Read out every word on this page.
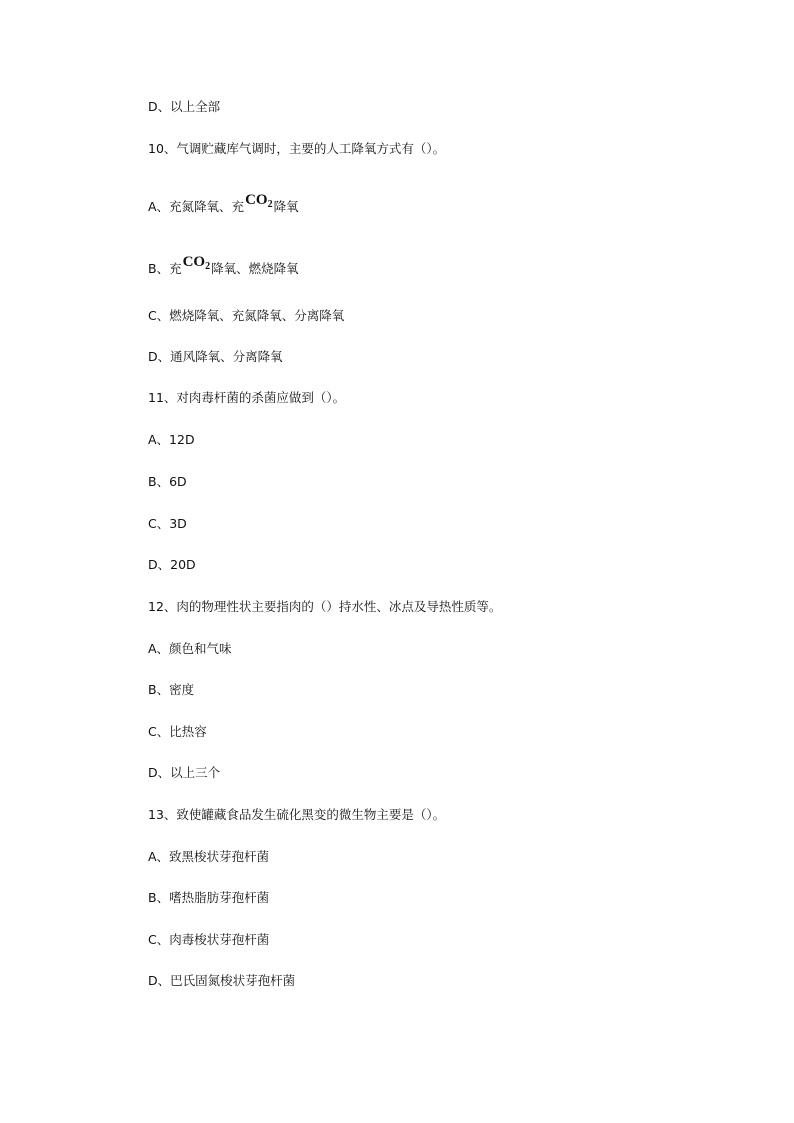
D、以上全部
10、气调贮藏库气调时，主要的人工降氧方式有（）。
A、充氮降氧、充$CO_2$降氧
B、充$CO_2$降氧、燃烧降氧
C、燃烧降氧、充氮降氧、分离降氧
D、通风降氧、分离降氧
11、对肉毒杆菌的杀菌应做到（）。
A、12D
B、6D
C、3D
D、20D
12、肉的物理性状主要指肉的（）持水性、冰点及导热性质等。
A、颜色和气味
B、密度
C、比热容
D、以上三个
13、致使罐藏食品发生硫化黑变的微生物主要是（）。
A、致黑梭状芽孢杆菌
B、嗜热脂肪芽孢杆菌
C、肉毒梭状芽孢杆菌
D、巴氏固氮梭状芽孢杆菌
